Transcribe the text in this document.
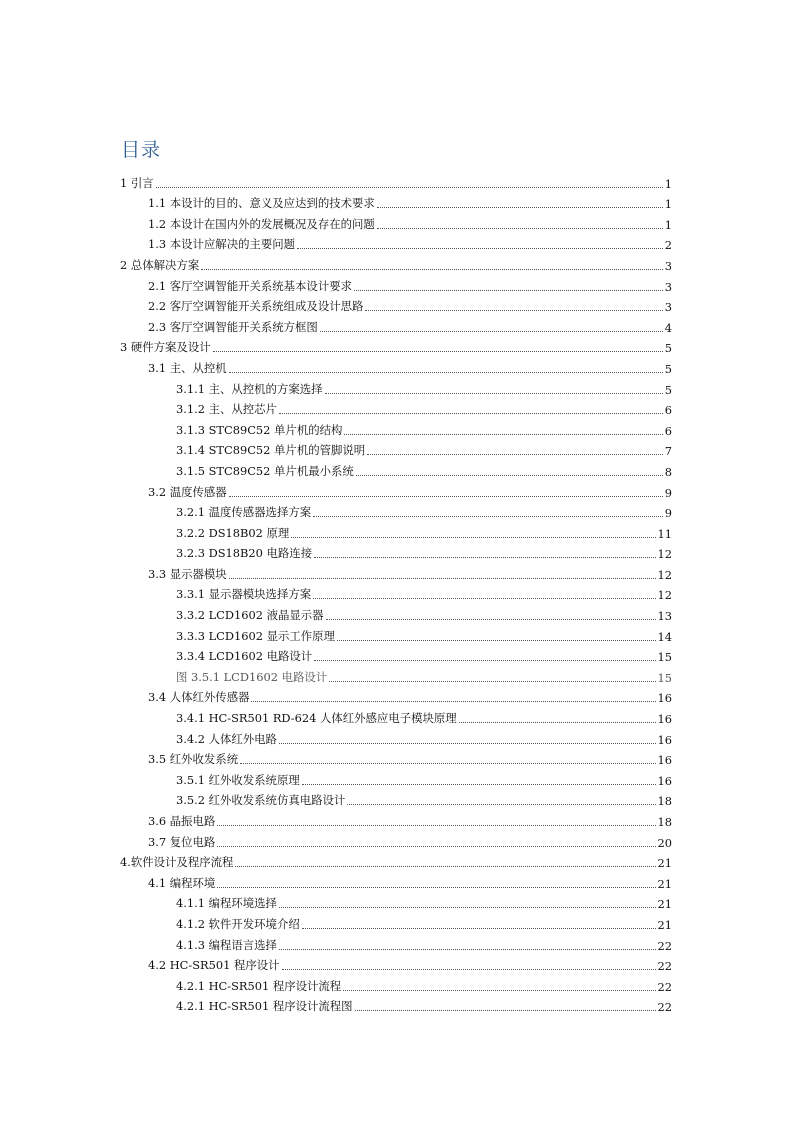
目录
1 引言	1
1.1 本设计的目的、意义及应达到的技术要求	1
1.2 本设计在国内外的发展概况及存在的问题	1
1.3 本设计应解决的主要问题	2
2 总体解决方案	3
2.1 客厅空调智能开关系统基本设计要求	3
2.2 客厅空调智能开关系统组成及设计思路	3
2.3 客厅空调智能开关系统方框图	4
3 硬件方案及设计	5
3.1 主、从控机	5
3.1.1 主、从控机的方案选择	5
3.1.2 主、从控芯片	6
3.1.3 STC89C52 单片机的结构	6
3.1.4 STC89C52 单片机的管脚说明	7
3.1.5 STC89C52 单片机最小系统	8
3.2 温度传感器	9
3.2.1 温度传感器选择方案	9
3.2.2 DS18B02 原理	11
3.2.3 DS18B20 电路连接	12
3.3 显示器模块	12
3.3.1 显示器模块选择方案	12
3.3.2 LCD1602 液晶显示器	13
3.3.3 LCD1602 显示工作原理	14
3.3.4 LCD1602 电路设计	15
图 3.5.1 LCD1602 电路设计	15
3.4 人体红外传感器	16
3.4.1 HC-SR501 RD-624 人体红外感应电子模块原理	16
3.4.2 人体红外电路	16
3.5 红外收发系统	16
3.5.1 红外收发系统原理	16
3.5.2 红外收发系统仿真电路设计	18
3.6 晶振电路	18
3.7 复位电路	20
4.软件设计及程序流程	21
4.1 编程环境	21
4.1.1 编程环境选择	21
4.1.2 软件开发环境介绍	21
4.1.3 编程语言选择	22
4.2 HC-SR501 程序设计	22
4.2.1 HC-SR501 程序设计流程	22
4.2.1 HC-SR501 程序设计流程图	22
